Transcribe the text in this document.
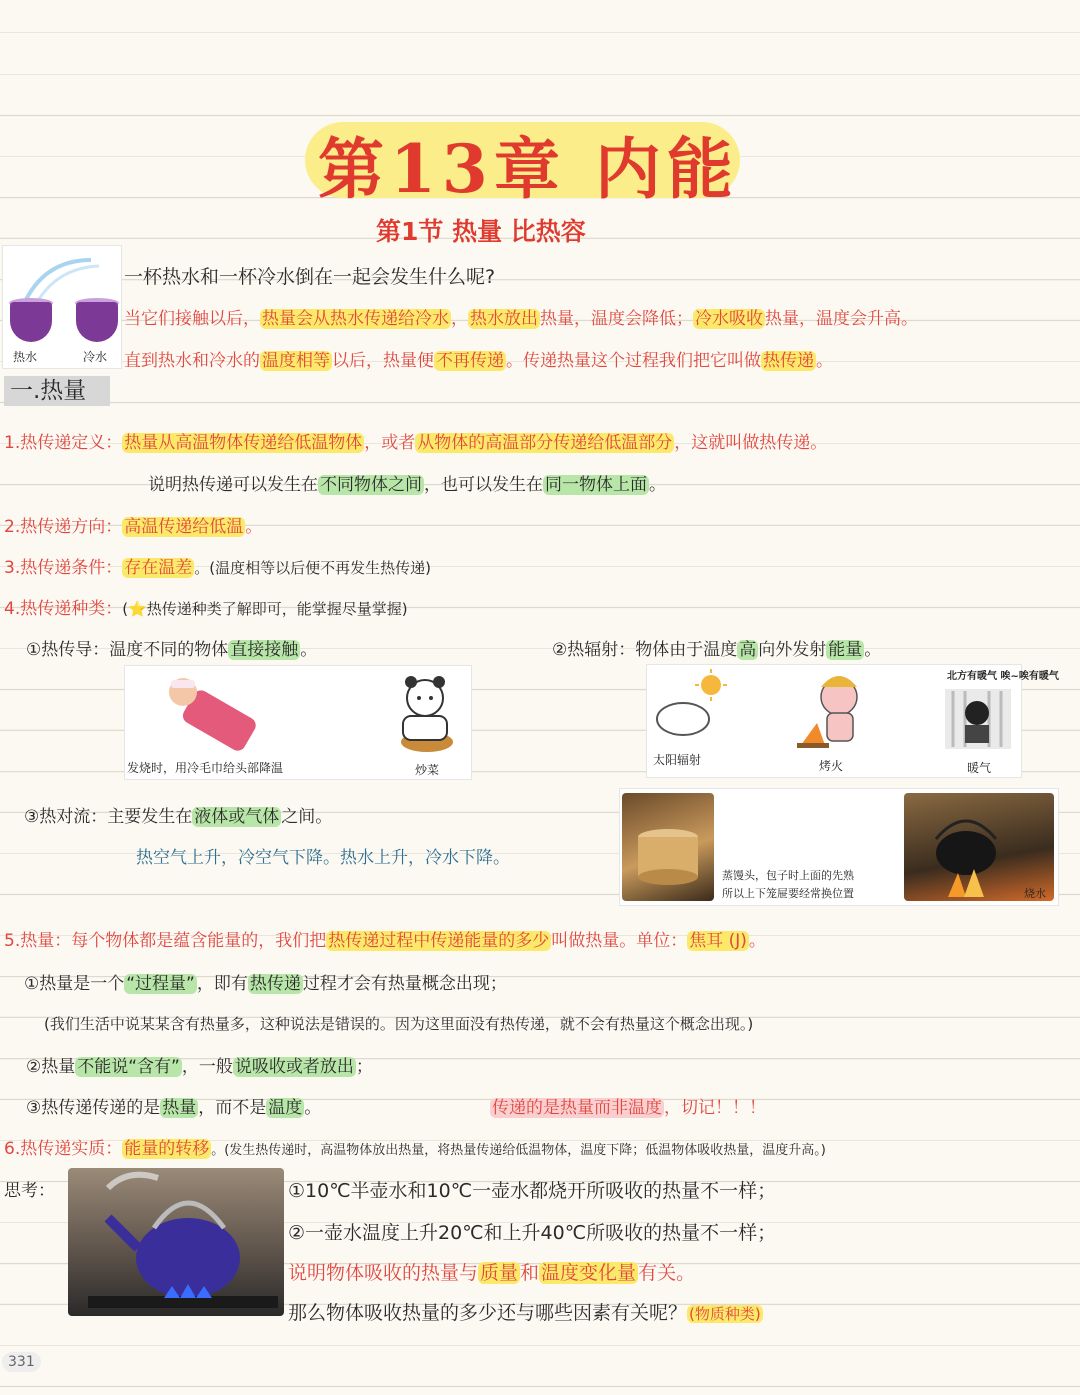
第13章 内能
第1节 热量 比热容
热水	冷水
一杯热水和一杯冷水倒在一起会发生什么呢?
当它们接触以后， 热量会从热水传递给冷水 ， 热水放出 热量，温度会降低； 冷水吸收 热量，温度会升高。
直到热水和冷水的 温度相等 以后，热量便 不再传递 。传递热量这个过程我们把它叫做 热传递 。
一.热量
1.热传递定义： 热量从高温物体传递给低温物体 ，或者 从物体的高温部分传递给低温部分 ，这就叫做热传递。
说明热传递可以发生在 不同物体之间 ，也可以发生在 同一物体上面 。
2.热传递方向： 高温传递给低温 。
3.热传递条件： 存在温差 。(温度相等以后便不再发生热传递)
4.热传递种类：(⭐热传递种类了解即可，能掌握尽量掌握)
①热传导：温度不同的物体 直接接触 。	②热辐射：物体由于温度 高 向外发射 能量 。
发烧时，用冷毛巾给头部降温	炒菜
北方有暖气 唉~唉有暖气
太阳辐射	烤火	暖气
③热对流：主要发生在 液体或气体 之间。
热空气上升，冷空气下降。热水上升，冷水下降。
蒸馒头，包子时上面的先熟
所以上下笼屉要经常换位置	烧水
5.热量：每个物体都是蕴含能量的，我们把 热传递过程中传递能量的多少 叫做热量。单位： 焦耳 (J) 。
①热量是一个 “过程量” ，即有 热传递 过程才会有热量概念出现；
(我们生活中说某某含有热量多，这种说法是错误的。因为这里面没有热传递，就不会有热量这个概念出现。)
②热量 不能说“含有” ，一般 说吸收或者放出 ；
③热传递传递的是 热量 ，而不是 温度 。	传递的是热量而非温度 ，切记！！！
6.热传递实质： 能量的转移 。(发生热传递时，高温物体放出热量，将热量传递给低温物体，温度下降；低温物体吸收热量，温度升高。)
思考：	①10℃半壶水和10℃一壶水都烧开所吸收的热量不一样；
②一壶水温度上升20℃和上升40℃所吸收的热量不一样；
说明物体吸收的热量与 质量 和 温度变化量 有关。
那么物体吸收热量的多少还与哪些因素有关呢？ (物质种类)
331
